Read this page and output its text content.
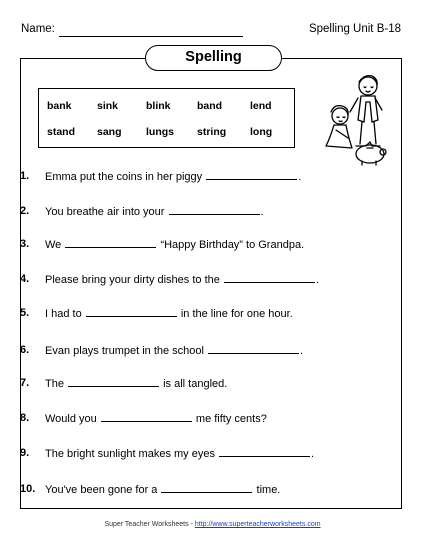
Name:	Spelling Unit B-18
Spelling
bank sink	blink	band	lend
stand sang lungs string long
1. Emma put the coins in her piggy	.
2. You breathe air into your	.
3. We	“Happy Birthday” to Grandpa.
4. Please bring your dirty dishes to the	.
5. I had to	in the line for one hour.
6. Evan plays trumpet in the school	.
7. The	is all tangled.
8. Would you	me fifty cents?
9. The bright sunlight makes my eyes	.
10. You've been gone for a	time.
Super Teacher Worksheets - http://www.superteacherworksheets.com
